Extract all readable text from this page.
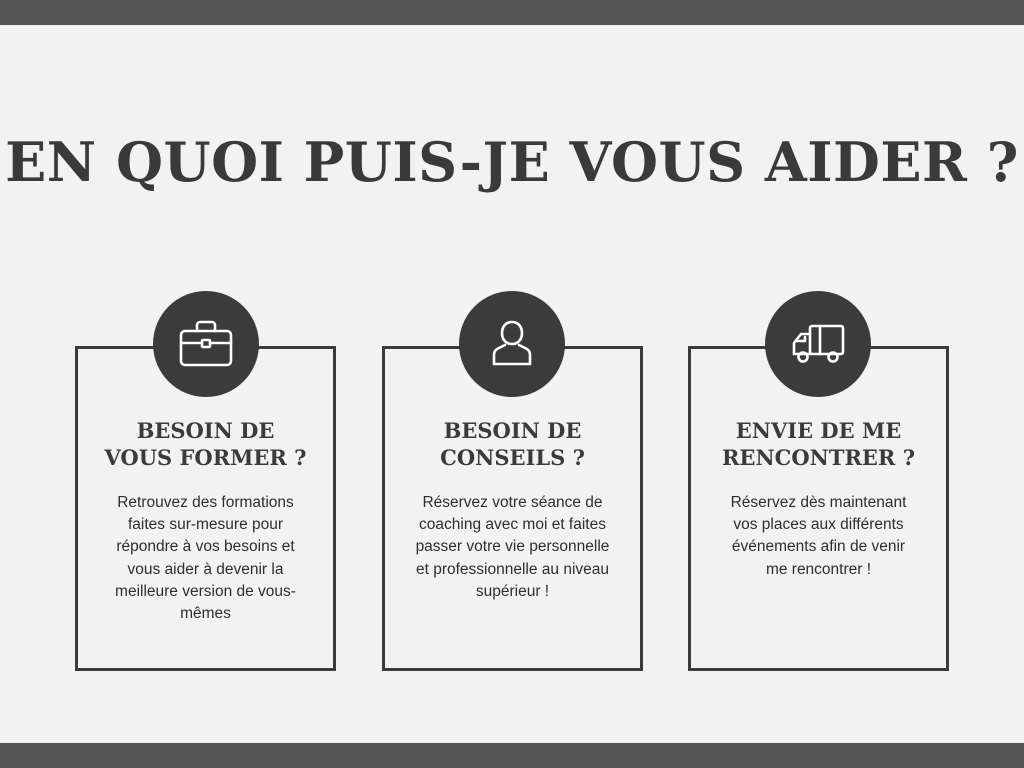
EN QUOI PUIS-JE VOUS AIDER ?
BESOIN DE
VOUS FORMER ?

Retrouvez des formations faites sur-mesure pour répondre à vos besoins et vous aider à devenir la meilleure version de vous-mêmes

BESOIN DE
CONSEILS ?

Réservez votre séance de coaching avec moi et faites passer votre vie personnelle et professionnelle au niveau supérieur !

ENVIE DE ME
RENCONTRER ?

Réservez dès maintenant vos places aux différents événements afin de venir me rencontrer !
